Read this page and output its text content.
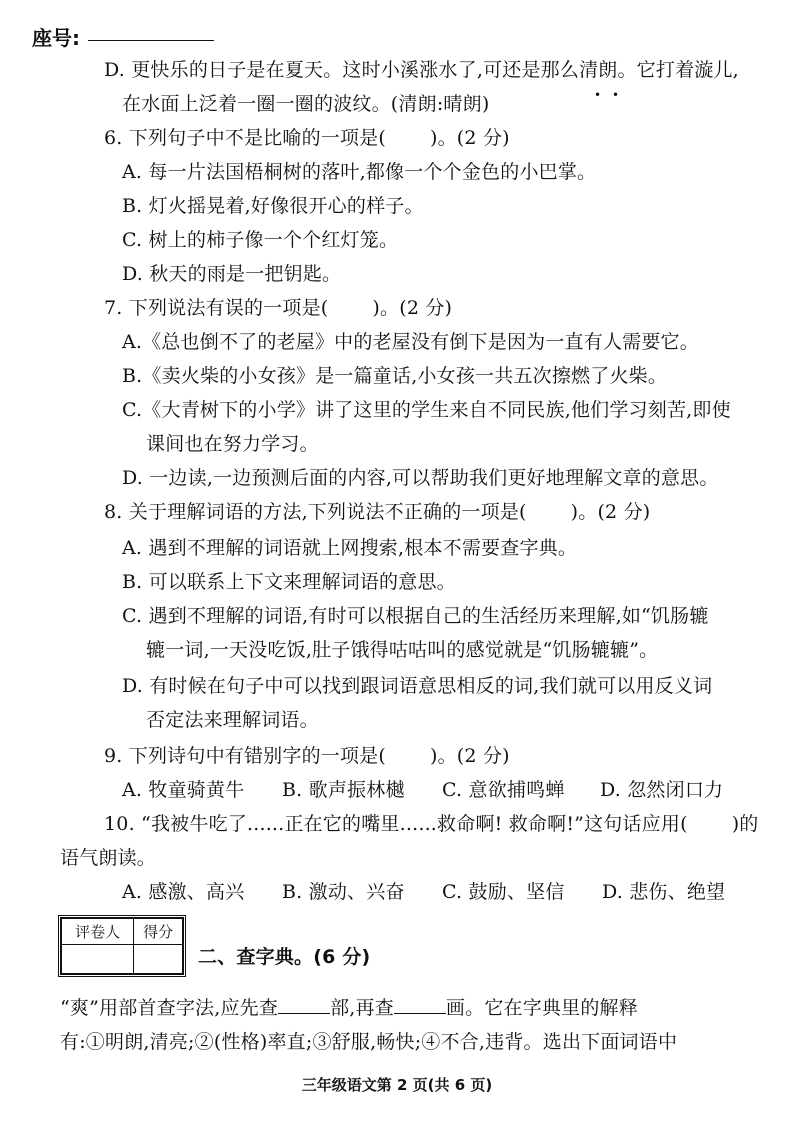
座号:
D. 更快乐的日子是在夏天。这时小溪涨水了,可还是那么清朗。它打着漩儿,
• •
在水面上泛着一圈一圈的波纹。(清朗:晴朗)
6. 下列句子中不是比喻的一项是( )。(2 分)
A. 每一片法国梧桐树的落叶,都像一个个金色的小巴掌。
B. 灯火摇晃着,好像很开心的样子。
C. 树上的柿子像一个个红灯笼。
D. 秋天的雨是一把钥匙。
7. 下列说法有误的一项是( )。(2 分)
A.《总也倒不了的老屋》中的老屋没有倒下是因为一直有人需要它。
B.《卖火柴的小女孩》是一篇童话,小女孩一共五次擦燃了火柴。
C.《大青树下的小学》讲了这里的学生来自不同民族,他们学习刻苦,即使
课间也在努力学习。
D. 一边读,一边预测后面的内容,可以帮助我们更好地理解文章的意思。
8. 关于理解词语的方法,下列说法不正确的一项是( )。(2 分)
A. 遇到不理解的词语就上网搜索,根本不需要查字典。
B. 可以联系上下文来理解词语的意思。
C. 遇到不理解的词语,有时可以根据自己的生活经历来理解,如“饥肠辘
辘一词,一天没吃饭,肚子饿得咕咕叫的感觉就是“饥肠辘辘”。
D. 有时候在句子中可以找到跟词语意思相反的词,我们就可以用反义词
否定法来理解词语。
9. 下列诗句中有错别字的一项是( )。(2 分)
A. 牧童骑黄牛 B. 歌声振林樾 C. 意欲捕鸣蝉 D. 忽然闭口力
10. “我被牛吃了......正在它的嘴里......救命啊! 救命啊!”这句话应用( )的
语气朗读。
A. 感激、高兴 B. 激动、兴奋 C. 鼓励、坚信 D. 悲伤、绝望
评卷人	得分

二、查字典。(6 分)
“爽”用部首查字法,应先查	部,再查	画。它在字典里的解释
有:①明朗,清亮;②(性格)率直;③舒服,畅快;④不合,违背。选出下面词语中
三年级语文第 2 页(共 6 页)
